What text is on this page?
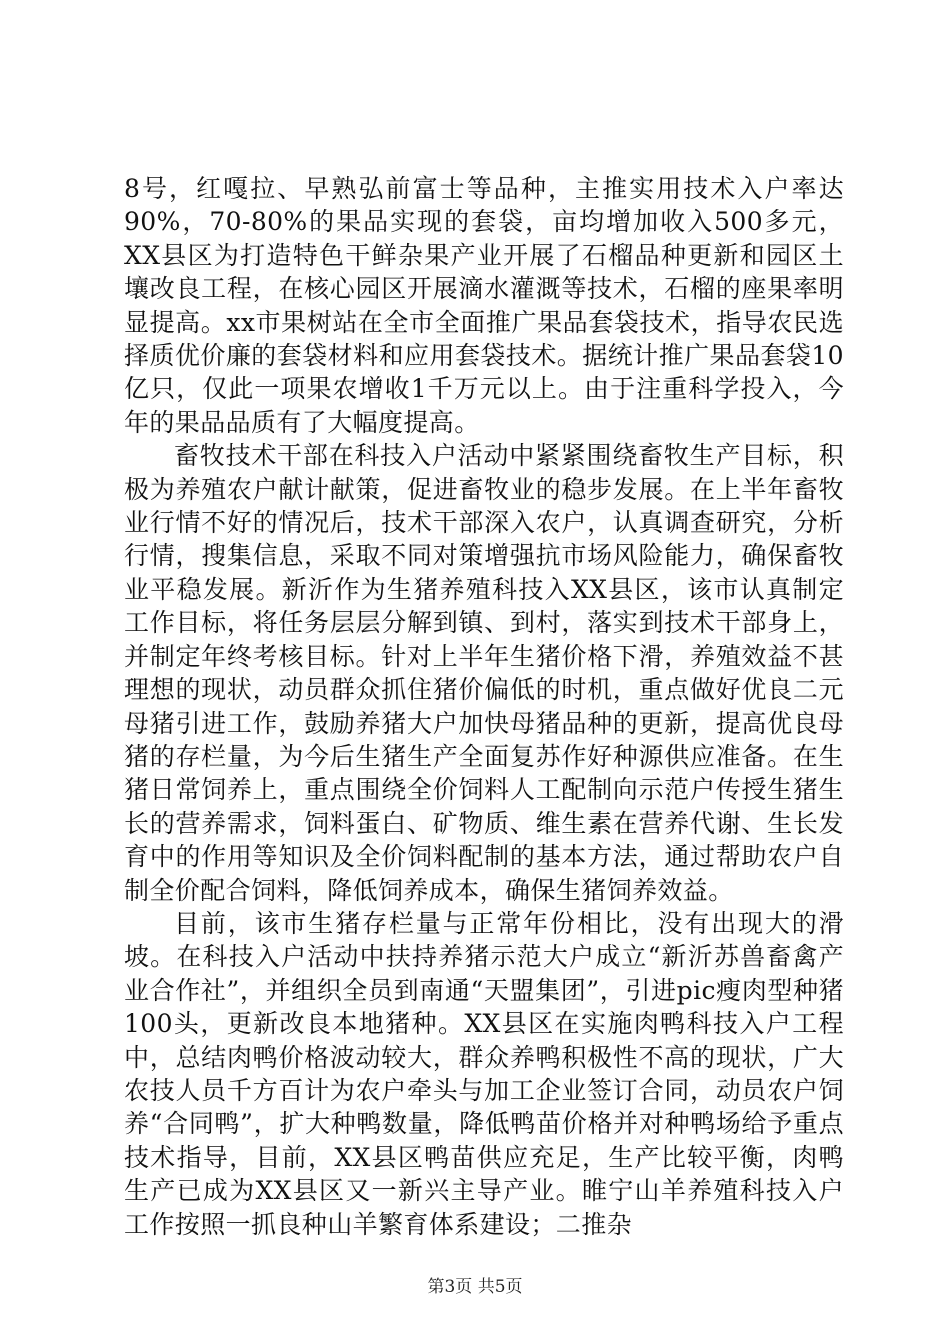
8号，红嘎拉、早熟弘前富士等品种，主推实用技术入户率达90%，70-80%的果品实现的套袋，亩均增加收入500多元，XX县区为打造特色干鲜杂果产业开展了石榴品种更新和园区土壤改良工程，在核心园区开展滴水灌溉等技术，石榴的座果率明显提高。xx市果树站在全市全面推广果品套袋技术，指导农民选择质优价廉的套袋材料和应用套袋技术。据统计推广果品套袋10亿只，仅此一项果农增收1千万元以上。由于注重科学投入，今年的果品品质有了大幅度提高。

畜牧技术干部在科技入户活动中紧紧围绕畜牧生产目标，积极为养殖农户献计献策，促进畜牧业的稳步发展。在上半年畜牧业行情不好的情况后，技术干部深入农户，认真调查研究，分析行情，搜集信息，采取不同对策增强抗市场风险能力，确保畜牧业平稳发展。新沂作为生猪养殖科技入XX县区，该市认真制定工作目标，将任务层层分解到镇、到村，落实到技术干部身上，并制定年终考核目标。针对上半年生猪价格下滑，养殖效益不甚理想的现状，动员群众抓住猪价偏低的时机，重点做好优良二元母猪引进工作，鼓励养猪大户加快母猪品种的更新，提高优良母猪的存栏量，为今后生猪生产全面复苏作好种源供应准备。在生猪日常饲养上，重点围绕全价饲料人工配制向示范户传授生猪生长的营养需求，饲料蛋白、矿物质、维生素在营养代谢、生长发育中的作用等知识及全价饲料配制的基本方法，通过帮助农户自制全价配合饲料，降低饲养成本，确保生猪饲养效益。

目前，该市生猪存栏量与正常年份相比，没有出现大的滑坡。在科技入户活动中扶持养猪示范大户成立“新沂苏兽畜禽产业合作社”，并组织全员到南通“天盟集团”，引进pic瘦肉型种猪100头，更新改良本地猪种。XX县区在实施肉鸭科技入户工程中，总结肉鸭价格波动较大，群众养鸭积极性不高的现状，广大农技人员千方百计为农户牵头与加工企业签订合同，动员农户饲养“合同鸭”，扩大种鸭数量，降低鸭苗价格并对种鸭场给予重点技术指导，目前，XX县区鸭苗供应充足，生产比较平衡，肉鸭生产已成为XX县区又一新兴主导产业。睢宁山羊养殖科技入户工作按照一抓良种山羊繁育体系建设；二推杂

第3页 共5页
